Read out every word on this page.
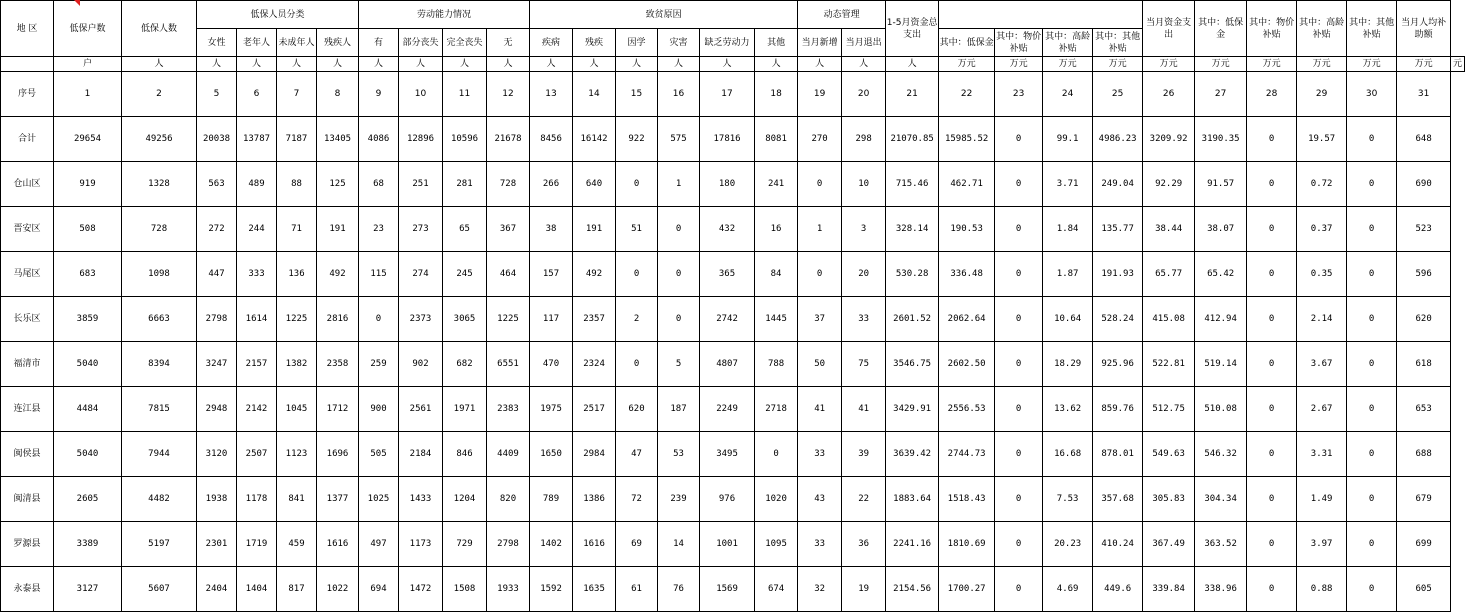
地 区	低保户数	低保人数	低保人员分类				劳动能力情况				致贫原因						动态管理		1-5月资金总支出					当月资金支出	其中：低保金	其中：物价补贴	其中：高龄补贴	其中：其他补贴	当月人均补助额	
			女性	老年人	未成年人	残疾人	有	部分丧失	完全丧失	无	疾病	残疾	因学	灾害	缺乏劳动力	其他	当月新增	当月退出		其中：低保金	其中：物价补贴	其中：高龄补贴	其中：其他补贴							
	户	人	人	人	人	人	人	人	人	人	人	人	人	人	人	人	人	人	人	万元	万元	万元	万元	万元	万元	万元	万元	万元	万元	元
序号	1	2	5	6	7	8	9	10	11	12	13	14	15	16	17	18	19	20	21	22	23	24	25	26	27	28	29	30	31	
合计	29654	49256	20038	13787	7187	13405	4086	12896	10596	21678	8456	16142	922	575	17816	8081	270	298	21070.85	15985.52	0	99.1	4986.23	3209.92	3190.35	0	19.57	0	648	
仓山区	919	1328	563	489	88	125	68	251	281	728	266	640	0	1	180	241	0	10	715.46	462.71	0	3.71	249.04	92.29	91.57	0	0.72	0	690	
晋安区	508	728	272	244	71	191	23	273	65	367	38	191	51	0	432	16	1	3	328.14	190.53	0	1.84	135.77	38.44	38.07	0	0.37	0	523	
马尾区	683	1098	447	333	136	492	115	274	245	464	157	492	0	0	365	84	0	20	530.28	336.48	0	1.87	191.93	65.77	65.42	0	0.35	0	596	
长乐区	3859	6663	2798	1614	1225	2816	0	2373	3065	1225	117	2357	2	0	2742	1445	37	33	2601.52	2062.64	0	10.64	528.24	415.08	412.94	0	2.14	0	620	
福清市	5040	8394	3247	2157	1382	2358	259	902	682	6551	470	2324	0	5	4807	788	50	75	3546.75	2602.50	0	18.29	925.96	522.81	519.14	0	3.67	0	618	
连江县	4484	7815	2948	2142	1045	1712	900	2561	1971	2383	1975	2517	620	187	2249	2718	41	41	3429.91	2556.53	0	13.62	859.76	512.75	510.08	0	2.67	0	653	
闽侯县	5040	7944	3120	2507	1123	1696	505	2184	846	4409	1650	2984	47	53	3495	0	33	39	3639.42	2744.73	0	16.68	878.01	549.63	546.32	0	3.31	0	688	
闽清县	2605	4482	1938	1178	841	1377	1025	1433	1204	820	789	1386	72	239	976	1020	43	22	1883.64	1518.43	0	7.53	357.68	305.83	304.34	0	1.49	0	679	
罗源县	3389	5197	2301	1719	459	1616	497	1173	729	2798	1402	1616	69	14	1001	1095	33	36	2241.16	1810.69	0	20.23	410.24	367.49	363.52	0	3.97	0	699	
永泰县	3127	5607	2404	1404	817	1022	694	1472	1508	1933	1592	1635	61	76	1569	674	32	19	2154.56	1700.27	0	4.69	449.6	339.84	338.96	0	0.88	0	605	
